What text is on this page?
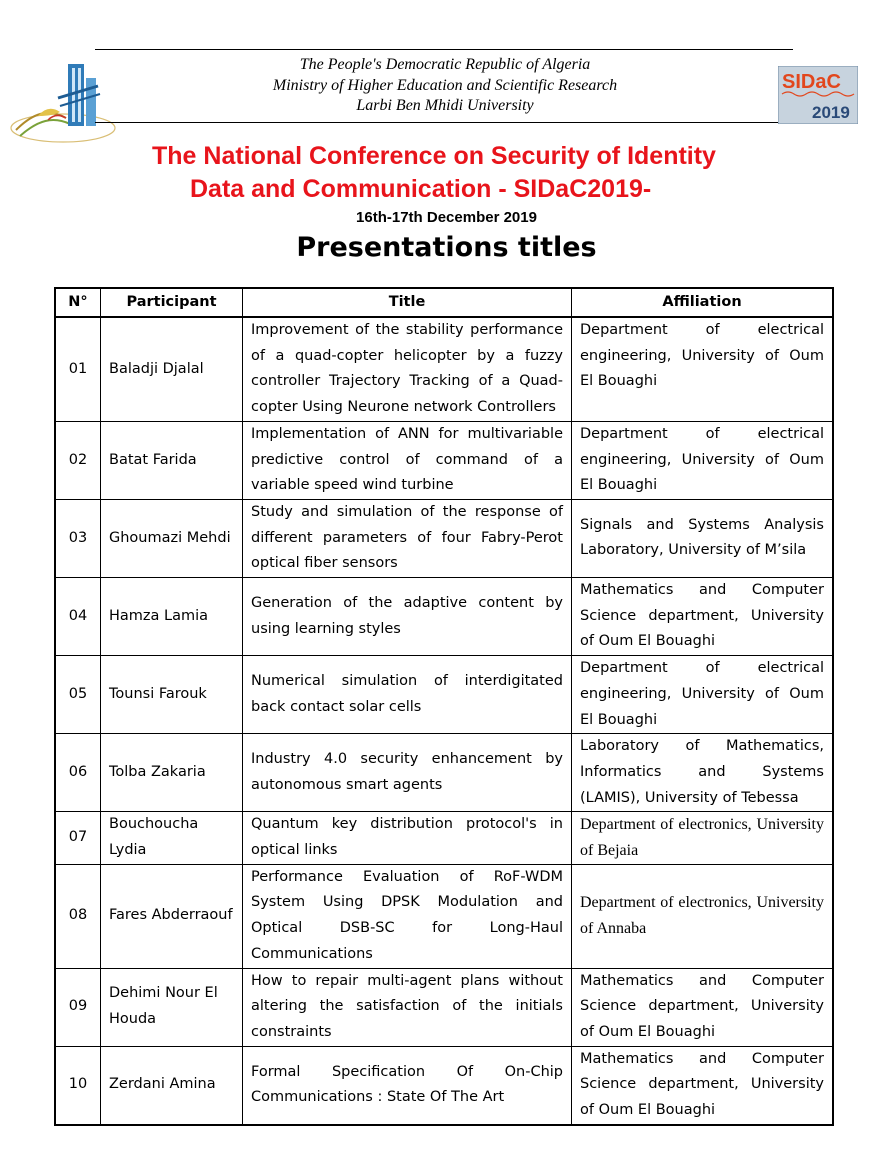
The People's Democratic Republic of Algeria
Ministry of Higher Education and Scientific Research
Larbi Ben Mhidi University
SIDaC
2019
The National Conference on Security of Identity
Data and Communication - SIDaC2019-
16th-17th December 2019
Presentations titles
N°	Participant	Title	Affiliation
01	Baladji Djalal	Improvement of the stability performance of a quad-copter helicopter by a fuzzy controller Trajectory Tracking of a Quad-copter Using Neurone network Controllers	Department of electrical engineering, University of Oum El Bouaghi
02	Batat Farida	Implementation of ANN for multivariable predictive control of command of a variable speed wind turbine	Department of electrical engineering, University of Oum El Bouaghi
03	Ghoumazi Mehdi	Study and simulation of the response of different parameters of four Fabry-Perot optical fiber sensors	Signals and Systems Analysis Laboratory, University of M’sila
04	Hamza Lamia	Generation of the adaptive content by using learning styles	Mathematics and Computer Science department, University of Oum El Bouaghi
05	Tounsi Farouk	Numerical simulation of interdigitated back contact solar cells	Department of electrical engineering, University of Oum El Bouaghi
06	Tolba Zakaria	Industry 4.0 security enhancement by autonomous smart agents	Laboratory of Mathematics, Informatics and Systems (LAMIS), University of Tebessa
07	Bouchoucha Lydia	Quantum key distribution protocol's in optical links	Department of electronics, University of Bejaia
08	Fares Abderraouf	Performance Evaluation of RoF-WDM System Using DPSK Modulation and Optical DSB-SC for Long-Haul Communications	Department of electronics, University of Annaba
09	Dehimi Nour El Houda	How to repair multi-agent plans without altering the satisfaction of the initials constraints	Mathematics and Computer Science department, University of Oum El Bouaghi
10	Zerdani Amina	Formal Specification Of On-Chip Communications : State Of The Art	Mathematics and Computer Science department, University of Oum El Bouaghi
